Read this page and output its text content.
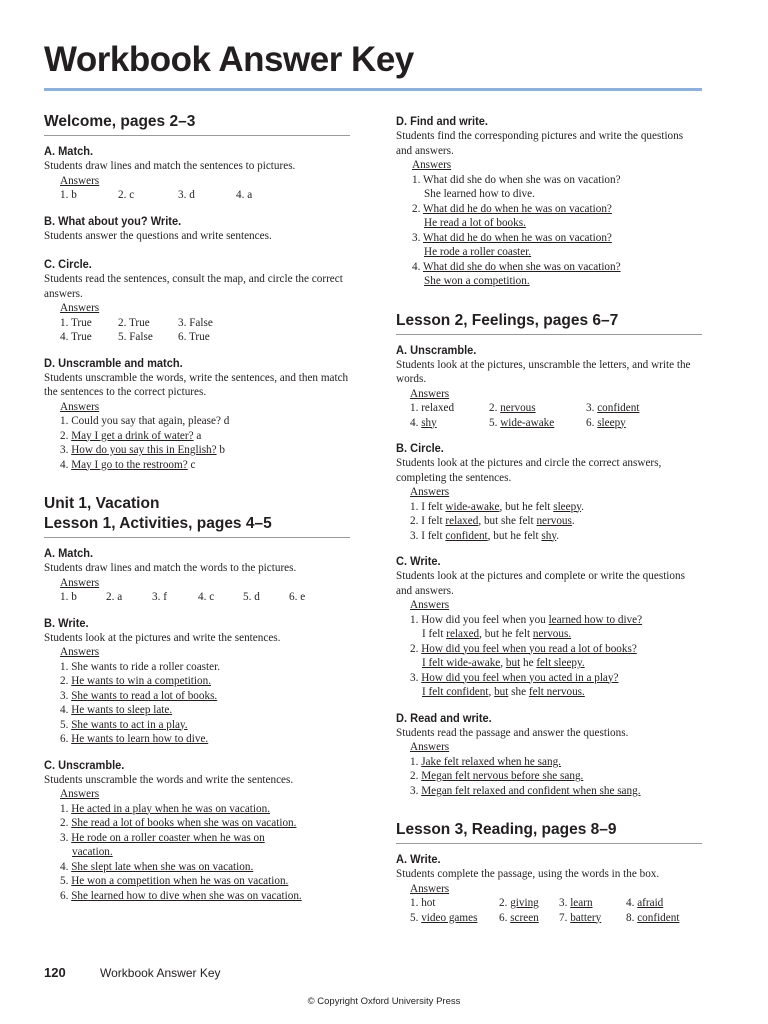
Workbook Answer Key
Welcome, pages 2–3
A. Match.
Students draw lines and match the sentences to pictures.
Answers
1. b	2. c	3. d	4. a
B. What about you? Write.
Students answer the questions and write sentences.
C. Circle.
Students read the sentences, consult the map, and circle the correct answers.
Answers
1. True 2. True	3. False
4. True 5. False 6. True
D. Unscramble and match.
Students unscramble the words, write the sentences, and then match the sentences to the correct pictures.
Answers
1. Could you say that again, please? d
2. May I get a drink of water? a
3. How do you say this in English? b
4. May I go to the restroom? c
Unit 1, Vacation
Lesson 1, Activities, pages 4–5
A. Match.
Students draw lines and match the words to the pictures.
Answers
1. b	2. a	3. f	4. c	5. d	6. e
B. Write.
Students look at the pictures and write the sentences.
Answers
1. She wants to ride a roller coaster.
2. He wants to win a competition.
3. She wants to read a lot of books.
4. He wants to sleep late.
5. She wants to act in a play.
6. He wants to learn how to dive.
C. Unscramble.
Students unscramble the words and write the sentences.
Answers
1. He acted in a play when he was on vacation.
2. She read a lot of books when she was on vacation.
3. He rode on a roller coaster when he was on
vacation.
4. She slept late when she was on vacation.
5. He won a competition when he was on vacation.
6. She learned how to dive when she was on vacation.
D. Find and write.
Students find the corresponding pictures and write the questions and answers.
Answers
1. What did she do when she was on vacation?
She learned how to dive.
2. What did he do when he was on vacation?
He read a lot of books.
3. What did he do when he was on vacation?
He rode a roller coaster.
4. What did she do when she was on vacation?
She won a competition.
Lesson 2, Feelings, pages 6–7
A. Unscramble.
Students look at the pictures, unscramble the letters, and write the words.
Answers
1. relaxed	2. nervous	3. confident
4. shy	5. wide-awake	6. sleepy
B. Circle.
Students look at the pictures and circle the correct answers, completing the sentences.
Answers
1. I felt wide-awake, but he felt sleepy.
2. I felt relaxed, but she felt nervous.
3. I felt confident, but he felt shy.
C. Write.
Students look at the pictures and complete or write the questions and answers.
Answers
1. How did you feel when you learned how to dive?
I felt relaxed, but he felt nervous.
2. How did you feel when you read a lot of books?
I felt wide-awake, but he felt sleepy.
3. How did you feel when you acted in a play?
I felt confident, but she felt nervous.
D. Read and write.
Students read the passage and answer the questions.
Answers
1. Jake felt relaxed when he sang.
2. Megan felt nervous before she sang.
3. Megan felt relaxed and confident when she sang.
Lesson 3, Reading, pages 8–9
A. Write.
Students complete the passage, using the words in the box.
Answers
1. hot	2. giving 3. learn	4. afraid
5. video games 6. screen 7. battery 8. confident
120	Workbook Answer Key
© Copyright Oxford University Press
